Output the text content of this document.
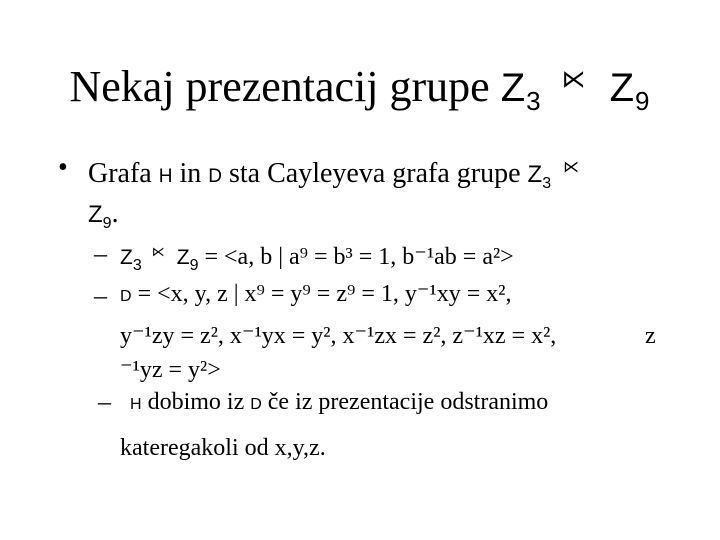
Nekaj prezentacij grupe $Z_3^⋉$ $Z_9$
• Grafa H in D sta Cayleyeva grafa grupe $Z_3^⋉$
$Z_9$.
– $Z_3^⋉$ $Z_9 = <a$, b | a⁹ = b³ = 1, b⁻¹ab = a²>
– D = <x, y, z | x⁹ = y⁹ = z⁹ = 1, y⁻¹xy = x²,
y⁻¹zy = z², x⁻¹yx = y², x⁻¹zx = z², z⁻¹xz = x²,	z
⁻¹yz = y²>
– H dobimo iz D če iz prezentacije odstranimo
kateregakoli od x,y,z.
